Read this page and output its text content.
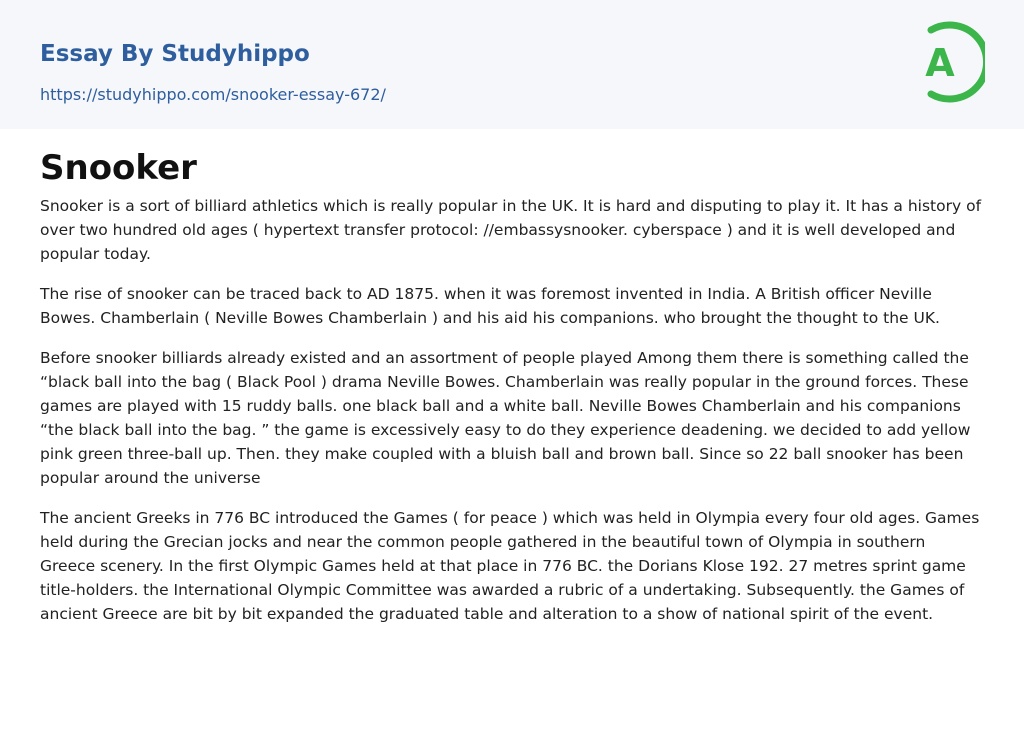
Essay By Studyhippo
https://studyhippo.com/snooker-essay-672/
A
Snooker

Snooker is a sort of billiard athletics which is really popular in the UK. It is hard and disputing to play it. It has a history of over two hundred old ages ( hypertext transfer protocol: //embassysnooker. cyberspace ) and it is well developed and popular today.

The rise of snooker can be traced back to AD 1875. when it was foremost invented in India. A British officer Neville Bowes. Chamberlain ( Neville Bowes Chamberlain ) and his aid his companions. who brought the thought to the UK.

Before snooker billiards already existed and an assortment of people played Among them there is something called the “black ball into the bag ( Black Pool ) drama Neville Bowes. Chamberlain was really popular in the ground forces. These games are played with 15 ruddy balls. one black ball and a white ball. Neville Bowes Chamberlain and his companions “the black ball into the bag. ” the game is excessively easy to do they experience deadening. we decided to add yellow pink green three-ball up. Then. they make coupled with a bluish ball and brown ball. Since so 22 ball snooker has been popular around the universe

The ancient Greeks in 776 BC introduced the Games ( for peace ) which was held in Olympia every four old ages. Games held during the Grecian jocks and near the common people gathered in the beautiful town of Olympia in southern Greece scenery. In the first Olympic Games held at that place in 776 BC. the Dorians Klose 192. 27 metres sprint game title-holders. the International Olympic Committee was awarded a rubric of a undertaking. Subsequently. the Games of ancient Greece are bit by bit expanded the graduated table and alteration to a show of national spirit of the event.
